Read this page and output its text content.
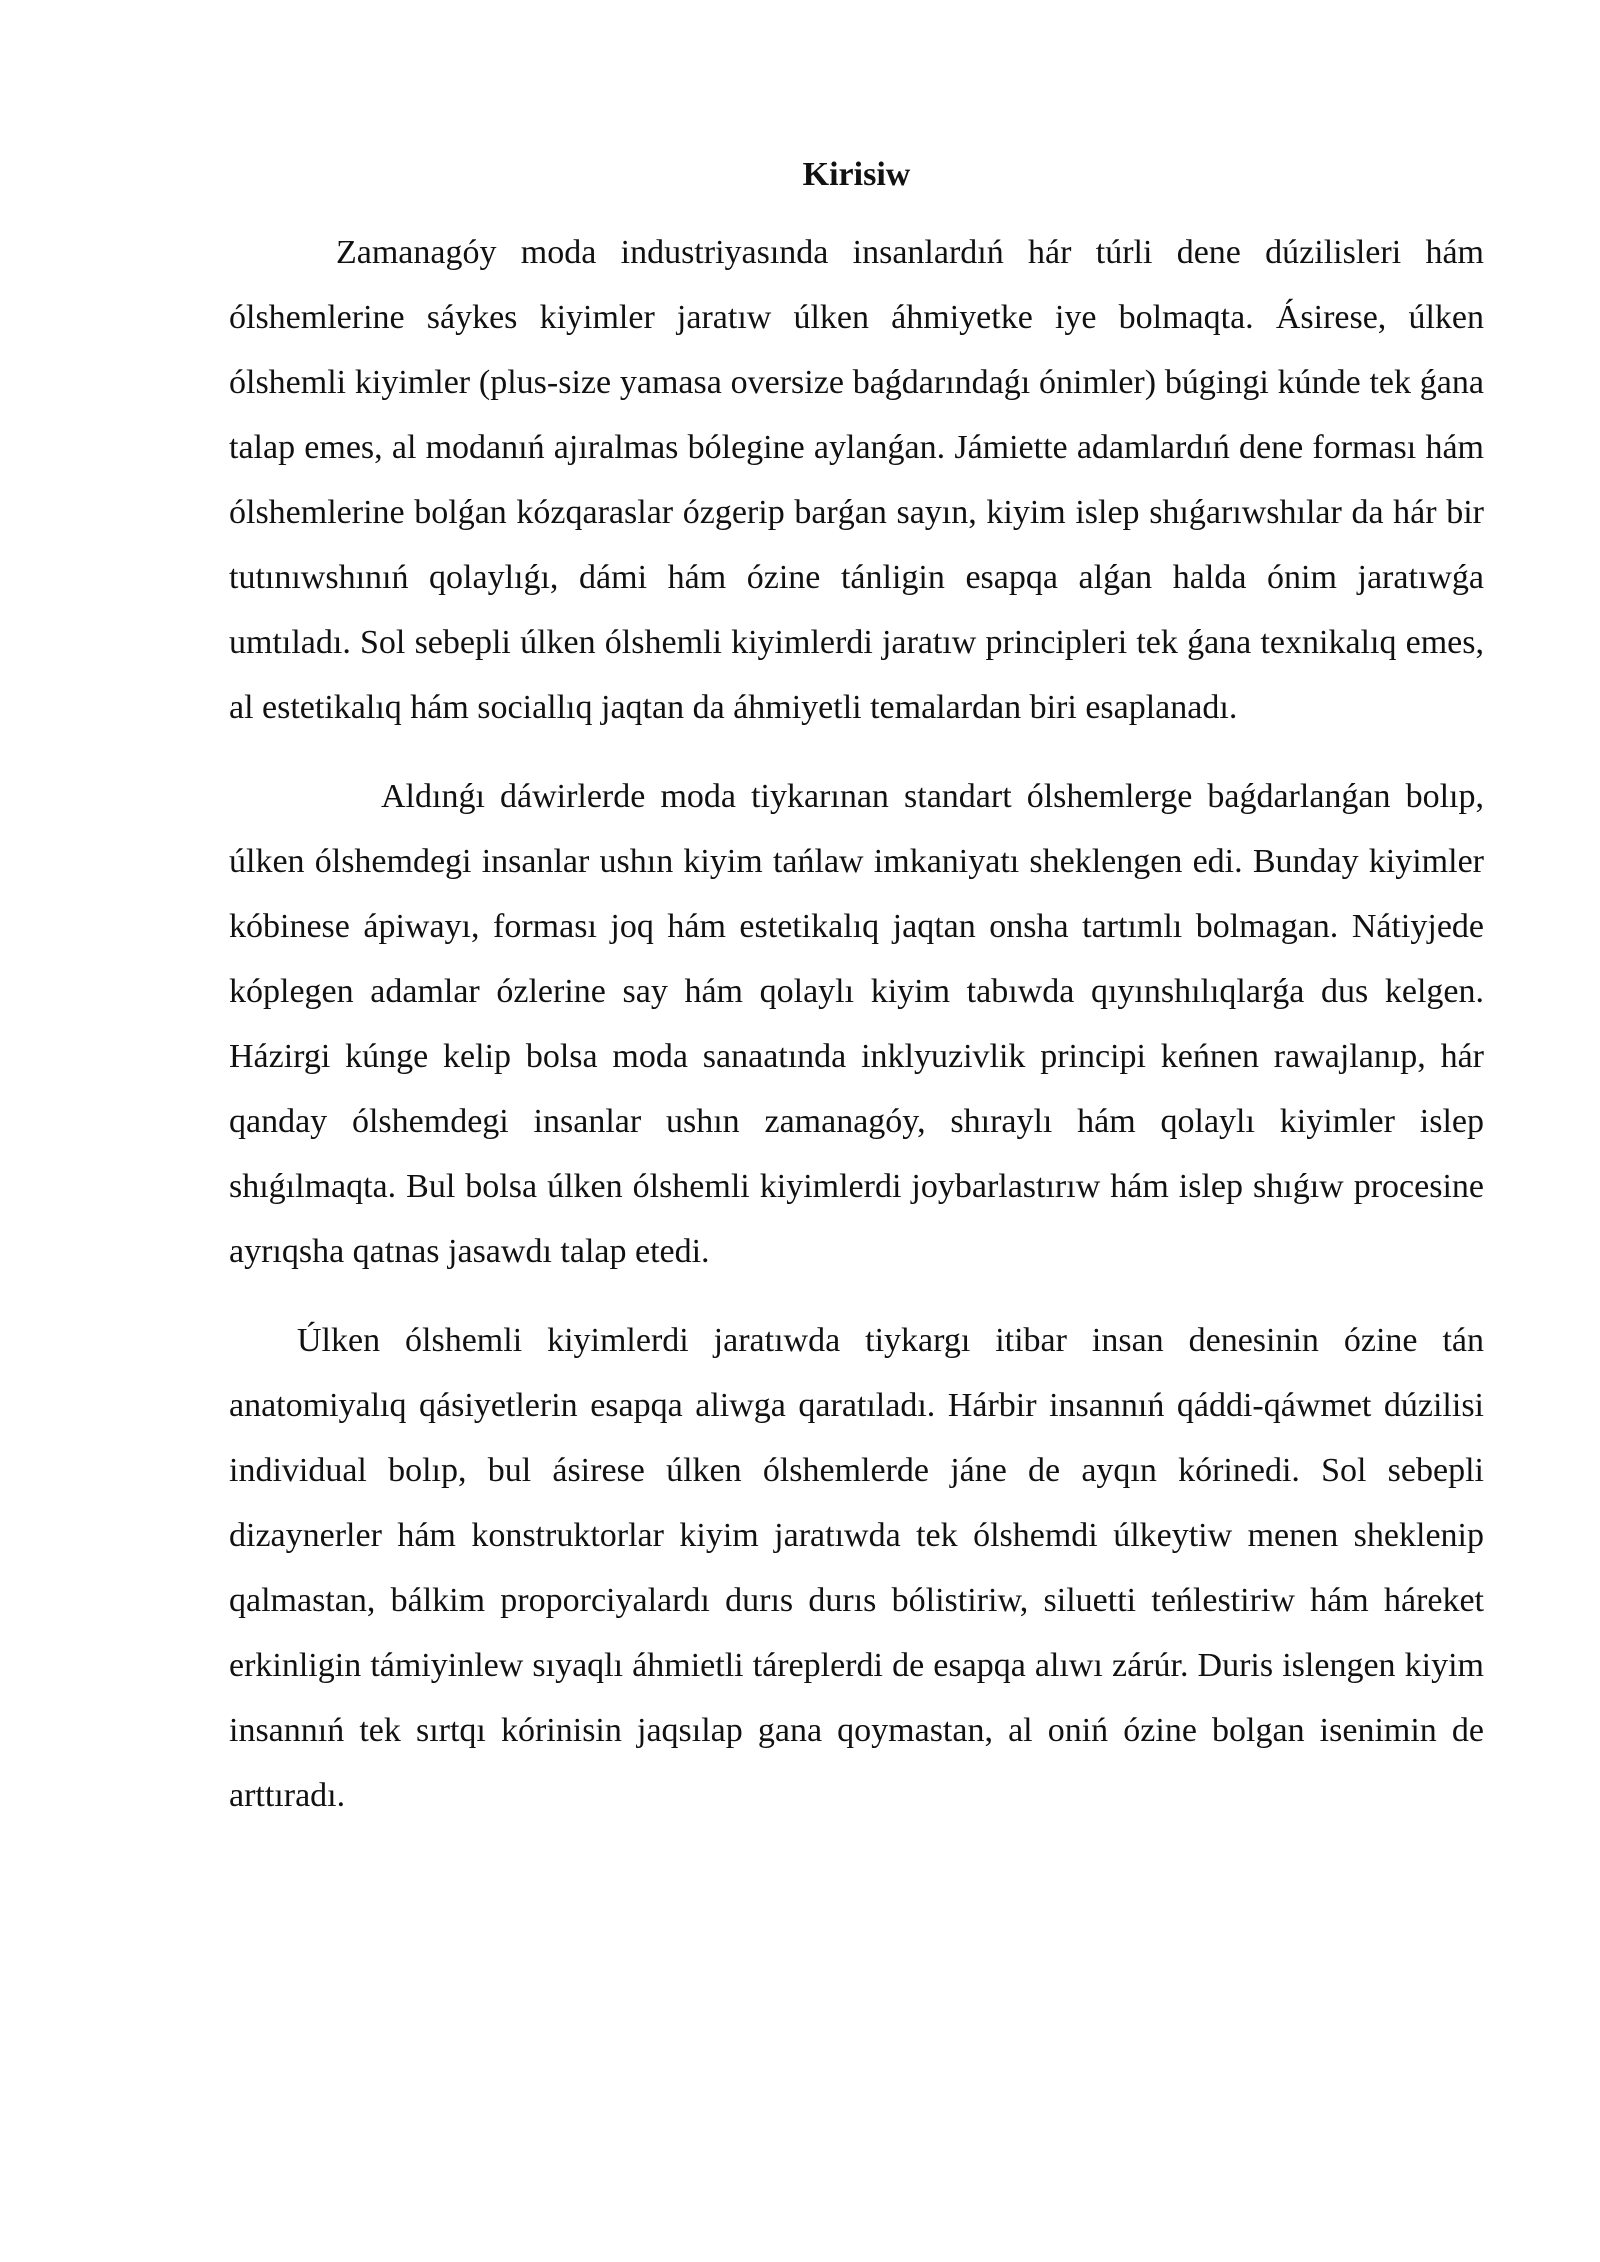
Kirisiw

Zamanagóy moda industriyasında insanlardıń hár túrli dene dúzilisleri hám ólshemlerine sáykes kiyimler jaratıw úlken áhmiyetke iye bolmaqta. Ásirese, úlken ólshemli kiyimler (plus-size yamasa oversize baǵdarındaǵı ónimler) búgingi kúnde tek ǵana talap emes, al modanıń ajıralmas bólegine aylanǵan. Jámiette adamlardıń dene forması hám ólshemlerine bolǵan kózqaraslar ózgerip barǵan sayın, kiyim islep shıǵarıwshılar da hár bir tutınıwshınıń qolaylıǵı, dámi hám ózine tánligin esapqa alǵan halda ónim jaratıwǵa umtıladı. Sol sebepli úlken ólshemli kiyimlerdi jaratıw principleri tek ǵana texnikalıq emes, al estetikalıq hám sociallıq jaqtan da áhmiyetli temalardan biri esaplanadı.

Aldınǵı dáwirlerde moda tiykarınan standart ólshemlerge baǵdarlanǵan bolıp, úlken ólshemdegi insanlar ushın kiyim tańlaw imkaniyatı sheklengen edi. Bunday kiyimler kóbinese ápiwayı, forması joq hám estetikalıq jaqtan onsha tartımlı bolmagan. Nátiyjede kóplegen adamlar ózlerine say hám qolaylı kiyim tabıwda qıyınshılıqlarǵa dus kelgen. Házirgi kúnge kelip bolsa moda sanaatında inklyuzivlik principi keńnen rawajlanıp, hár qanday ólshemdegi insanlar ushın zamanagóy, shıraylı hám qolaylı kiyimler islep shıǵılmaqta. Bul bolsa úlken ólshemli kiyimlerdi joybarlastırıw hám islep shıǵıw procesine ayrıqsha qatnas jasawdı talap etedi.

Úlken ólshemli kiyimlerdi jaratıwda tiykargı itibar insan denesinin ózine tán anatomiyalıq qásiyetlerin esapqa aliwga qaratıladı. Hárbir insannıń qáddi-qáwmet dúzilisi individual bolıp, bul ásirese úlken ólshemlerde jáne de ayqın kórinedi. Sol sebepli dizaynerler hám konstruktorlar kiyim jaratıwda tek ólshemdi úlkeytiw menen sheklenip qalmastan, bálkim proporciyalardı durıs durıs bólistiriw, siluetti teńlestiriw hám háreket erkinligin támiyinlew sıyaqlı áhmietli tárеplerdi de esapqa alıwı zárúr. Duris islengen kiyim insannıń tek sırtqı kórinisin jaqsılap gana qoymastan, al oniń ózine bolgan isenimin de arttıradı.
